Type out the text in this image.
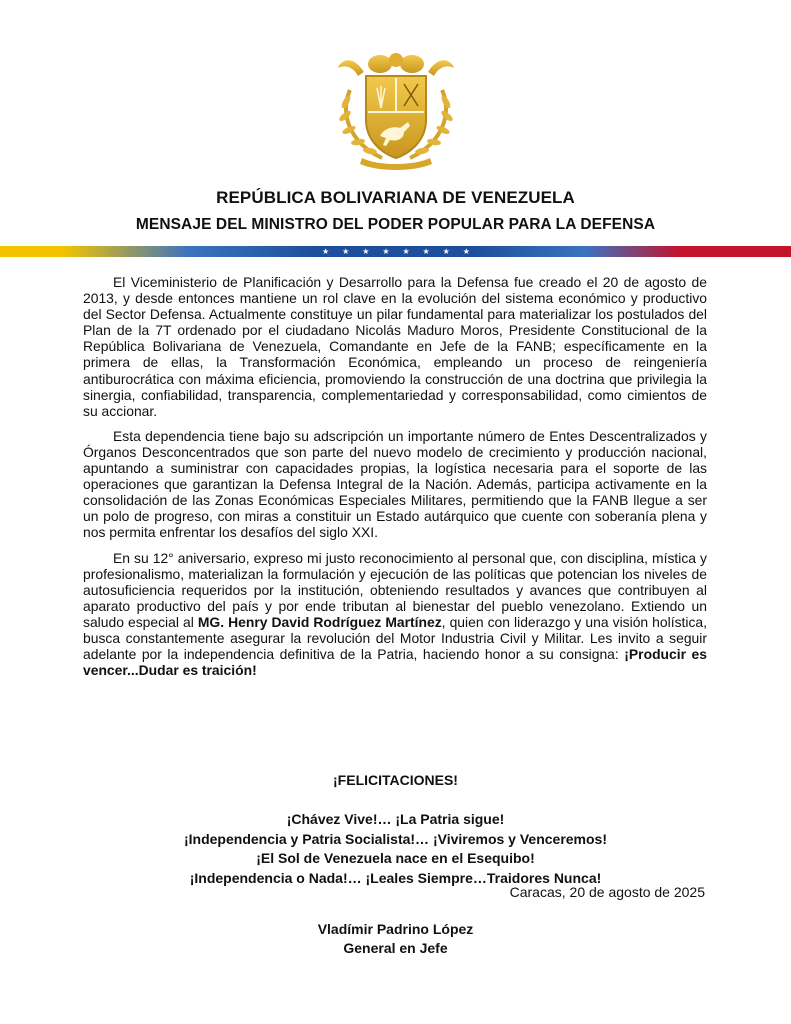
REPÚBLICA BOLIVARIANA DE VENEZUELA
MENSAJE DEL MINISTRO DEL PODER POPULAR PARA LA DEFENSA
★ ★ ★ ★ ★ ★ ★ ★

El Viceministerio de Planificación y Desarrollo para la Defensa fue creado el 20 de agosto de 2013, y desde entonces mantiene un rol clave en la evolución del sistema económico y productivo del Sector Defensa. Actualmente constituye un pilar fundamental para materializar los postulados del Plan de la 7T ordenado por el ciudadano Nicolás Maduro Moros, Presidente Constitucional de la República Bolivariana de Venezuela, Comandante en Jefe de la FANB; específicamente en la primera de ellas, la Transformación Económica, empleando un proceso de reingeniería antiburocrática con máxima eficiencia, promoviendo la construcción de una doctrina que privilegia la sinergia, confiabilidad, transparencia, complementariedad y corresponsabilidad, como cimientos de su accionar.

Esta dependencia tiene bajo su adscripción un importante número de Entes Descentralizados y Órganos Desconcentrados que son parte del nuevo modelo de crecimiento y producción nacional, apuntando a suministrar con capacidades propias, la logística necesaria para el soporte de las operaciones que garantizan la Defensa Integral de la Nación. Además, participa activamente en la consolidación de las Zonas Económicas Especiales Militares, permitiendo que la FANB llegue a ser un polo de progreso, con miras a constituir un Estado autárquico que cuente con soberanía plena y nos permita enfrentar los desafíos del siglo XXI.

En su 12° aniversario, expreso mi justo reconocimiento al personal que, con disciplina, mística y profesionalismo, materializan la formulación y ejecución de las políticas que potencian los niveles de autosuficiencia requeridos por la institución, obteniendo resultados y avances que contribuyen al aparato productivo del país y por ende tributan al bienestar del pueblo venezolano. Extiendo un saludo especial al MG. Henry David Rodríguez Martínez, quien con liderazgo y una visión holística, busca constantemente asegurar la revolución del Motor Industria Civil y Militar. Les invito a seguir adelante por la independencia definitiva de la Patria, haciendo honor a su consigna: ¡Producir es vencer...Dudar es traición!

¡FELICITACIONES!
¡Chávez Vive!… ¡La Patria sigue!
¡Independencia y Patria Socialista!… ¡Viviremos y Venceremos!
¡El Sol de Venezuela nace en el Esequibo!
¡Independencia o Nada!… ¡Leales Siempre…Traidores Nunca!
Caracas, 20 de agosto de 2025
Vladímir Padrino López
General en Jefe
